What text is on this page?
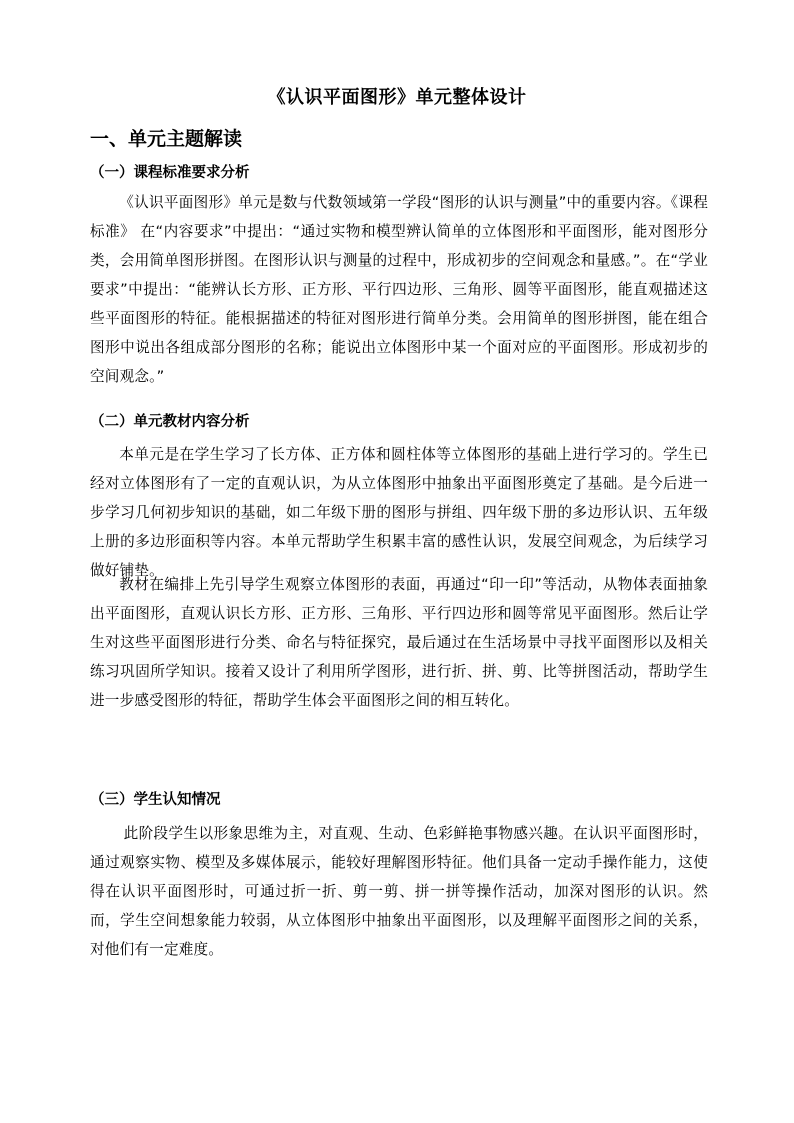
《认识平面图形》单元整体设计
一、单元主题解读
（一）课程标准要求分析

《认识平面图形》单元是数与代数领域第一学段“图形的认识与测量”中的重要内容。《课程标准》 在“内容要求”中提出：“通过实物和模型辨认简单的立体图形和平面图形，能对图形分类，会用简单图形拼图。在图形认识与测量的过程中，形成初步的空间观念和量感。”。在“学业要求”中提出：“能辨认长方形、正方形、平行四边形、三角形、圆等平面图形，能直观描述这些平面图形的特征。能根据描述的特征对图形进行简单分类。会用简单的图形拼图，能在组合图形中说出各组成部分图形的名称；能说出立体图形中某一个面对应的平面图形。形成初步的空间观念。”

（二）单元教材内容分析

本单元是在学生学习了长方体、正方体和圆柱体等立体图形的基础上进行学习的。学生已经对立体图形有了一定的直观认识，为从立体图形中抽象出平面图形奠定了基础。是今后进一步学习几何初步知识的基础，如二年级下册的图形与拼组、四年级下册的多边形认识、五年级上册的多边形面积等内容。本单元帮助学生积累丰富的感性认识，发展空间观念，为后续学习做好铺垫。

教材在编排上先引导学生观察立体图形的表面，再通过“印一印”等活动，从物体表面抽象出平面图形，直观认识长方形、正方形、三角形、平行四边形和圆等常见平面图形。然后让学生对这些平面图形进行分类、命名与特征探究，最后通过在生活场景中寻找平面图形以及相关练习巩固所学知识。接着又设计了利用所学图形，进行折、拼、剪、比等拼图活动，帮助学生进一步感受图形的特征，帮助学生体会平面图形之间的相互转化。

（三）学生认知情况

此阶段学生以形象思维为主，对直观、生动、色彩鲜艳事物感兴趣。在认识平面图形时，通过观察实物、模型及多媒体展示，能较好理解图形特征。他们具备一定动手操作能力，这使得在认识平面图形时，可通过折一折、剪一剪、拼一拼等操作活动，加深对图形的认识。然而，学生空间想象能力较弱，从立体图形中抽象出平面图形，以及理解平面图形之间的关系，对他们有一定难度。
